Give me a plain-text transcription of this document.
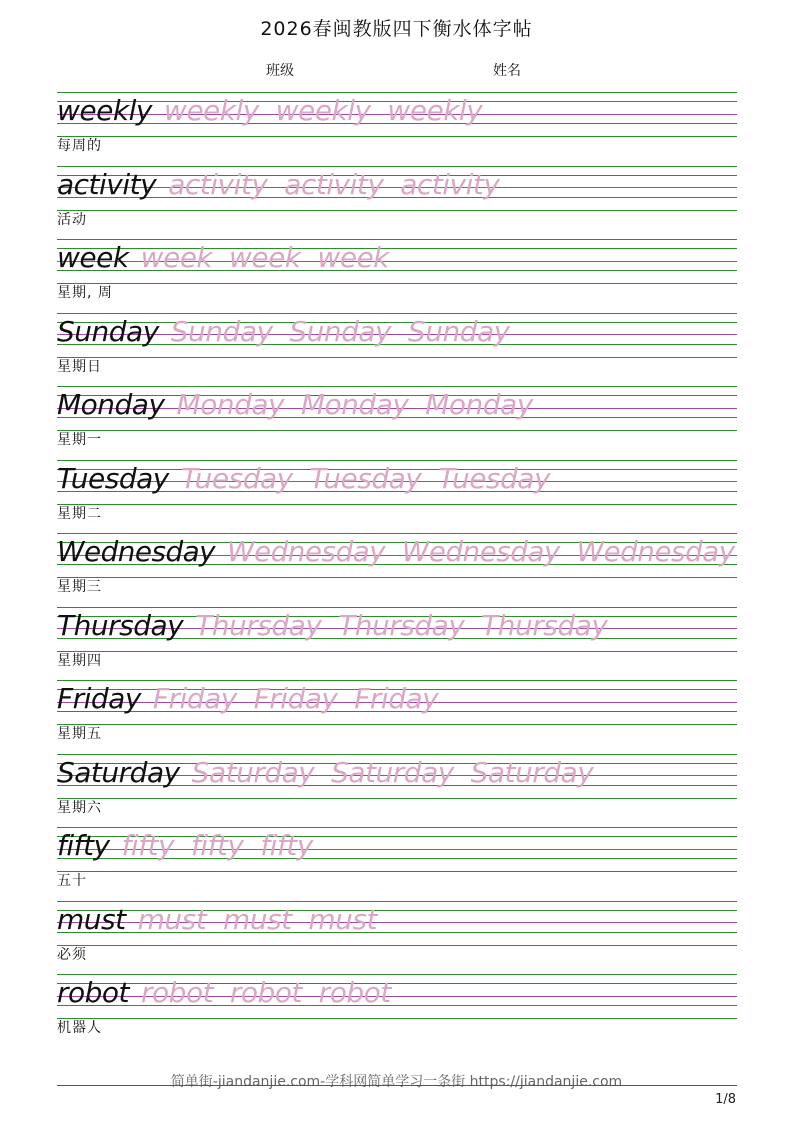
2026春闽教版四下衡水体字帖
班级	姓名
weekly weekly  weekly  weekly
每周的
activity activity  activity  activity
活动
week week  week  week
星期, 周
Sunday Sunday  Sunday  Sunday
星期日
Monday Monday  Monday  Monday
星期一
Tuesday Tuesday  Tuesday  Tuesday
星期二
Wednesday Wednesday  Wednesday  Wednesday
星期三
Thursday Thursday  Thursday  Thursday
星期四
Friday Friday  Friday  Friday
星期五
Saturday Saturday  Saturday  Saturday
星期六
fifty fifty  fifty  fifty
五十
must must  must  must
必须
robot robot  robot  robot
机器人
简单街-jiandanjie.com-学科网简单学习一条街 https://jiandanjie.com
1/8
